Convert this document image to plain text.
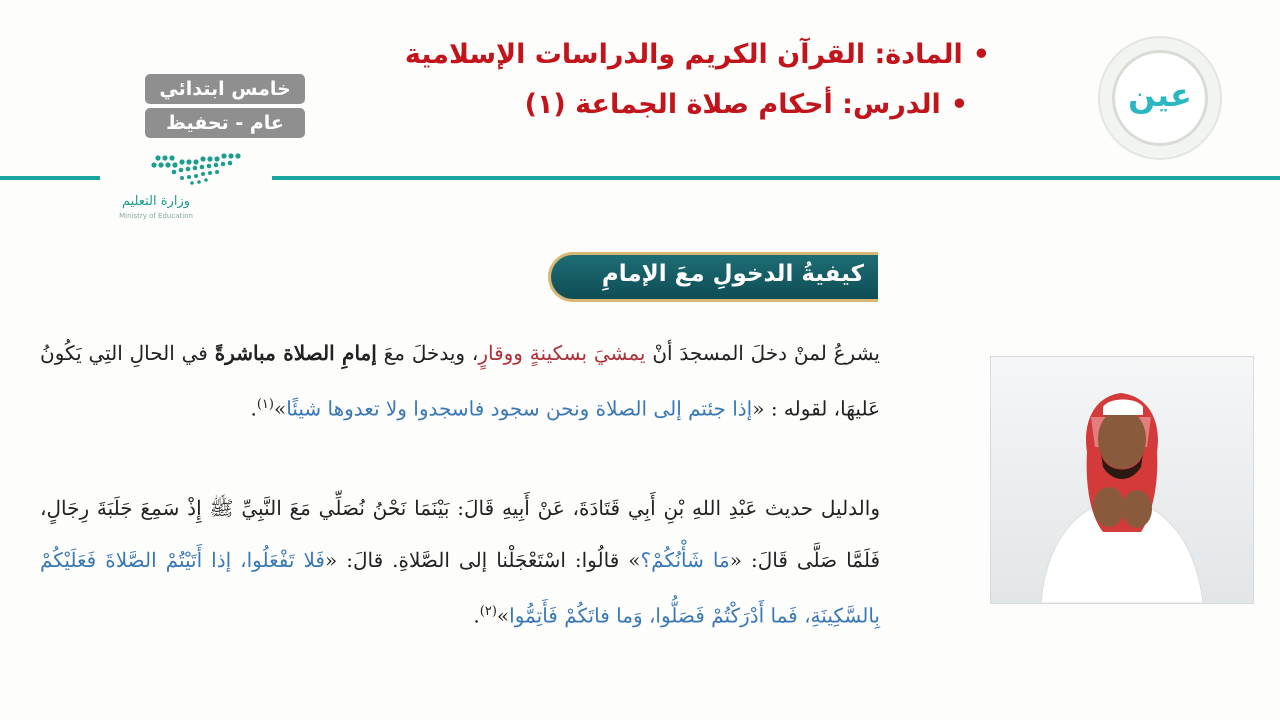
•المادة: القرآن الكريم والدراسات الإسلامية
•الدرس: أحكام صلاة الجماعة (١)	عين
خامس ابتدائي
عام - تحفيظ
وزارة التعليم
Ministry of Education
كيفيةُ الدخولِ معَ الإمامِ
يشرعُ لمنْ دخلَ المسجدَ أنْ يمشيَ بسكينةٍ ووقارٍ، ويدخلَ معَ إمامِ الصلاة مباشرةً في الحالِ التِي يَكُونُ عَليهَا، لقوله : «إذا جئتم إلى الصلاة ونحن سجود فاسجدوا ولا تعدوها شيئًا»$^{(١)}$.
والدليل حديث عَبْدِ اللهِ بْنِ أَبِي قَتَادَةَ، عَنْ أَبِيهِ قَالَ: بَيْنَمَا نَحْنُ نُصَلِّي مَعَ النَّبِيِّ ﷺ إِذْ سَمِعَ جَلَبَةَ رِجَالٍ، فَلَمَّا صَلَّى قَالَ: «مَا شَأْنُكُمْ؟» قالُوا: اسْتَعْجَلْنا إلى الصَّلاةِ. قالَ: «فَلا تَفْعَلُوا، إذا أَتَيْتُمْ الصَّلاةَ فَعَلَيْكُمْ بِالسَّكِينَةِ، فَما أَدْرَكْتُمْ فَصَلُّوا، وَما فاتَكُمْ فَأَتِمُّوا»$^{(٢)}$.
